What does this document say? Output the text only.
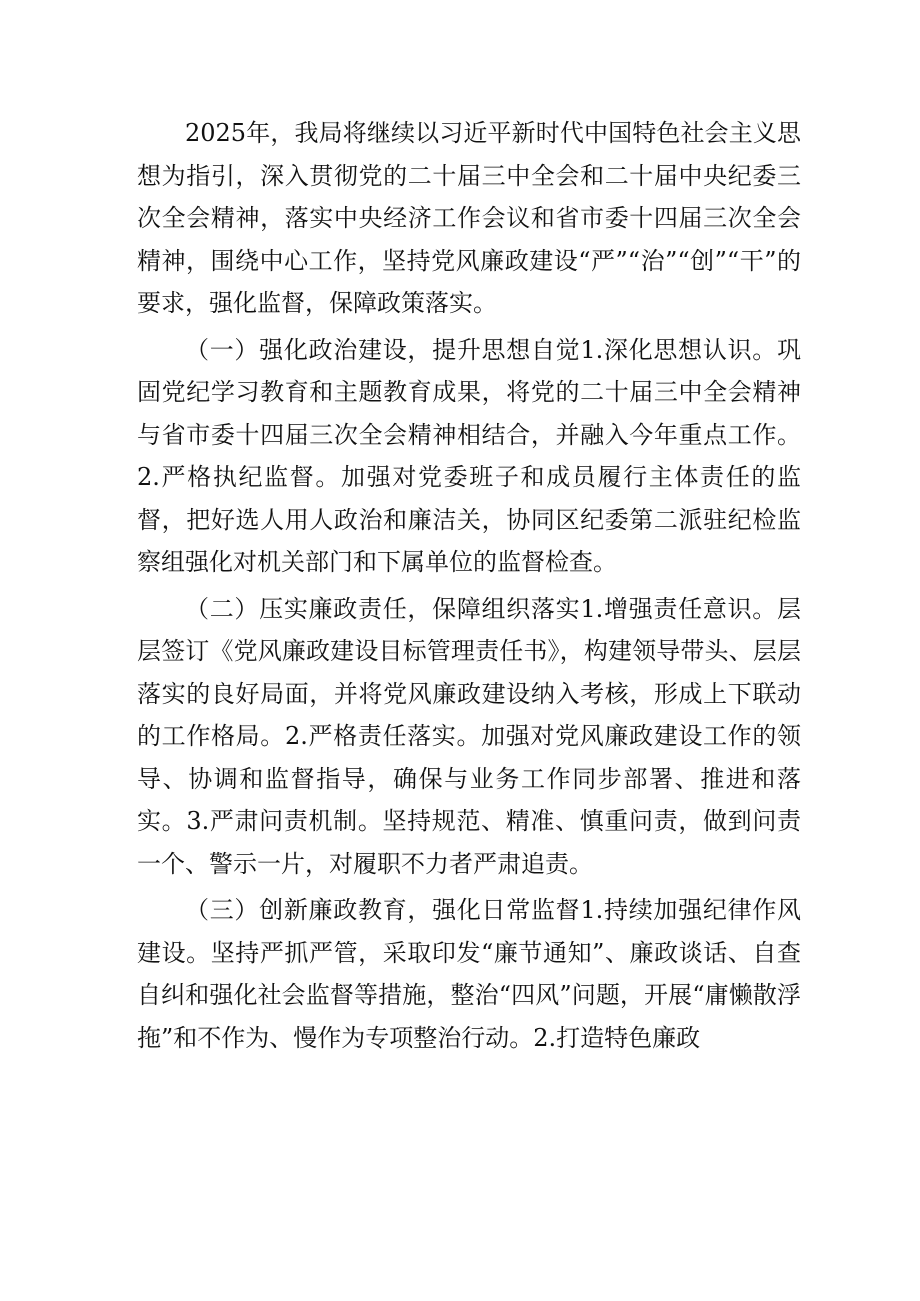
2025年，我局将继续以习近平新时代中国特色社会主义思想为指引，深入贯彻党的二十届三中全会和二十届中央纪委三次全会精神，落实中央经济工作会议和省市委十四届三次全会精神，围绕中心工作，坚持党风廉政建设“严”“治”“创”“干”的要求，强化监督，保障政策落实。

（一）强化政治建设，提升思想自觉1.深化思想认识。巩固党纪学习教育和主题教育成果，将党的二十届三中全会精神与省市委十四届三次全会精神相结合，并融入今年重点工作。2.严格执纪监督。加强对党委班子和成员履行主体责任的监督，把好选人用人政治和廉洁关，协同区纪委第二派驻纪检监察组强化对机关部门和下属单位的监督检查。

（二）压实廉政责任，保障组织落实1.增强责任意识。层层签订《党风廉政建设目标管理责任书》，构建领导带头、层层落实的良好局面，并将党风廉政建设纳入考核，形成上下联动的工作格局。2.严格责任落实。加强对党风廉政建设工作的领导、协调和监督指导，确保与业务工作同步部署、推进和落实。3.严肃问责机制。坚持规范、精准、慎重问责，做到问责一个、警示一片，对履职不力者严肃追责。

（三）创新廉政教育，强化日常监督1.持续加强纪律作风建设。坚持严抓严管，采取印发“廉节通知”、廉政谈话、自查自纠和强化社会监督等措施，整治“四风”问题，开展“庸懒散浮拖”和不作为、慢作为专项整治行动。2.打造特色廉政
